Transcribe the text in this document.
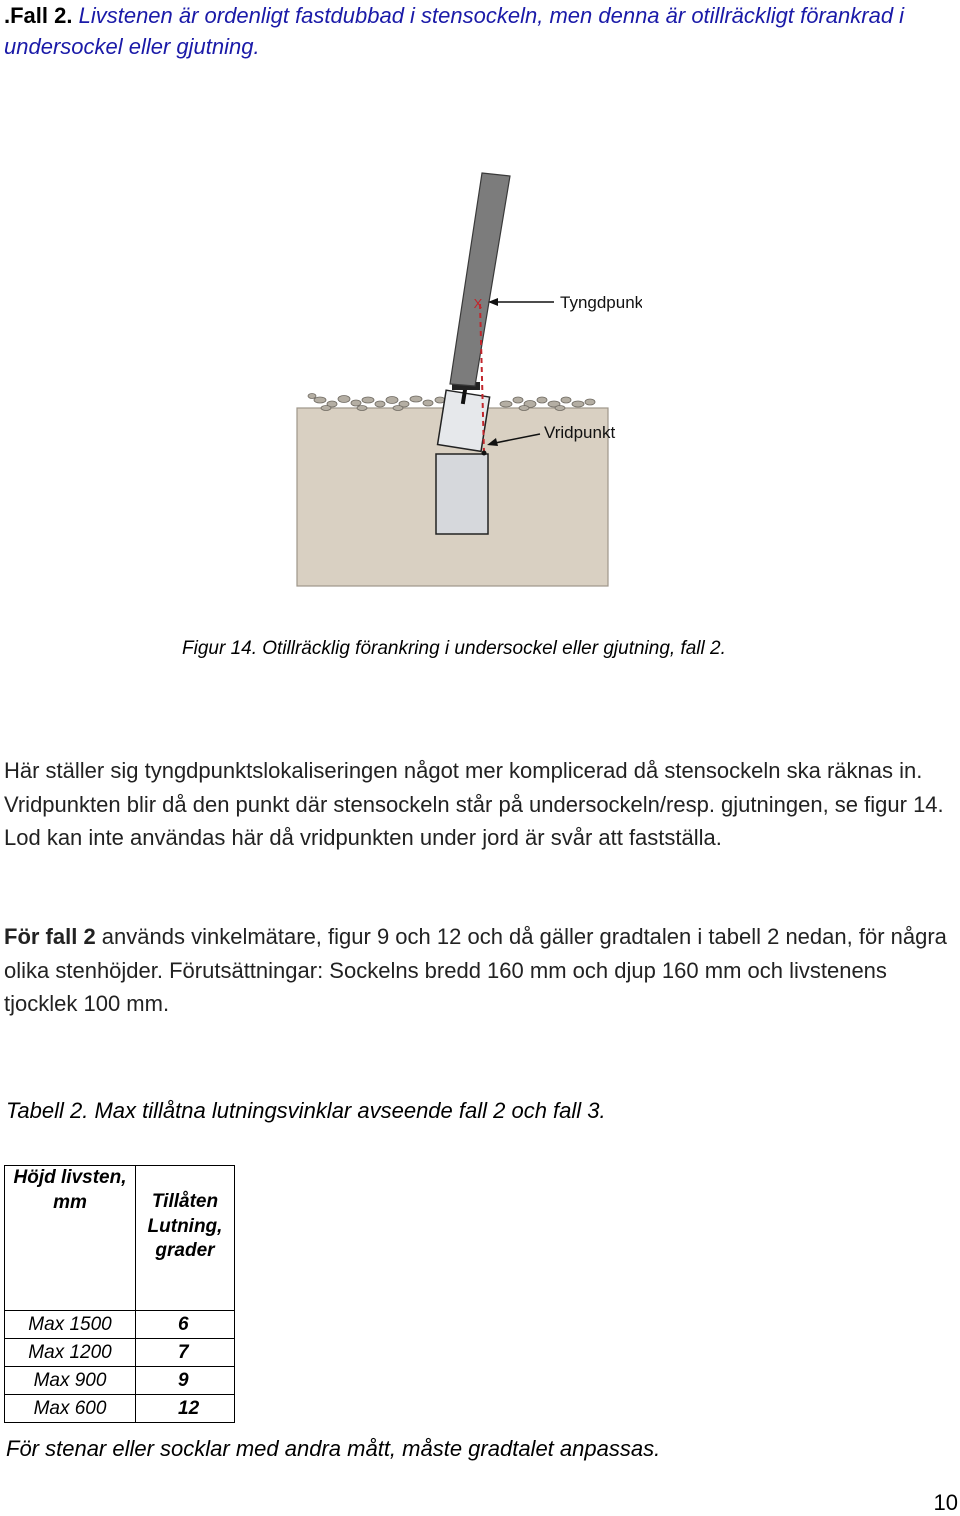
.Fall 2. Livstenen är ordenligt fastdubbad i stensockeln, men denna är otillräckligt förankrad i undersockel eller gjutning.
X	Tyngdpunkt
Vridpunkt
Figur 14. Otillräcklig förankring i undersockel eller gjutning, fall 2.
Här ställer sig tyngdpunktslokaliseringen något mer komplicerad då stensockeln ska räknas in. Vridpunkten blir då den punkt där stensockeln står på undersockeln/resp. gjutningen, se figur 14. Lod kan inte användas här då vridpunkten under jord är svår att fastställa.
För fall 2 används vinkelmätare, figur 9 och 12 och då gäller gradtalen i tabell 2 nedan, för några olika stenhöjder. Förutsättningar: Sockelns bredd 160 mm och djup 160 mm och livstenens tjocklek 100 mm.
Tabell 2. Max tillåtna lutningsvinklar avseende fall 2 och fall 3.
Höjd livsten, mm	Tillåten Lutning, grader
Max 1500	6
Max 1200	7
Max 900	9
Max 600	12
För stenar eller socklar med andra mått, måste gradtalet anpassas.
10
